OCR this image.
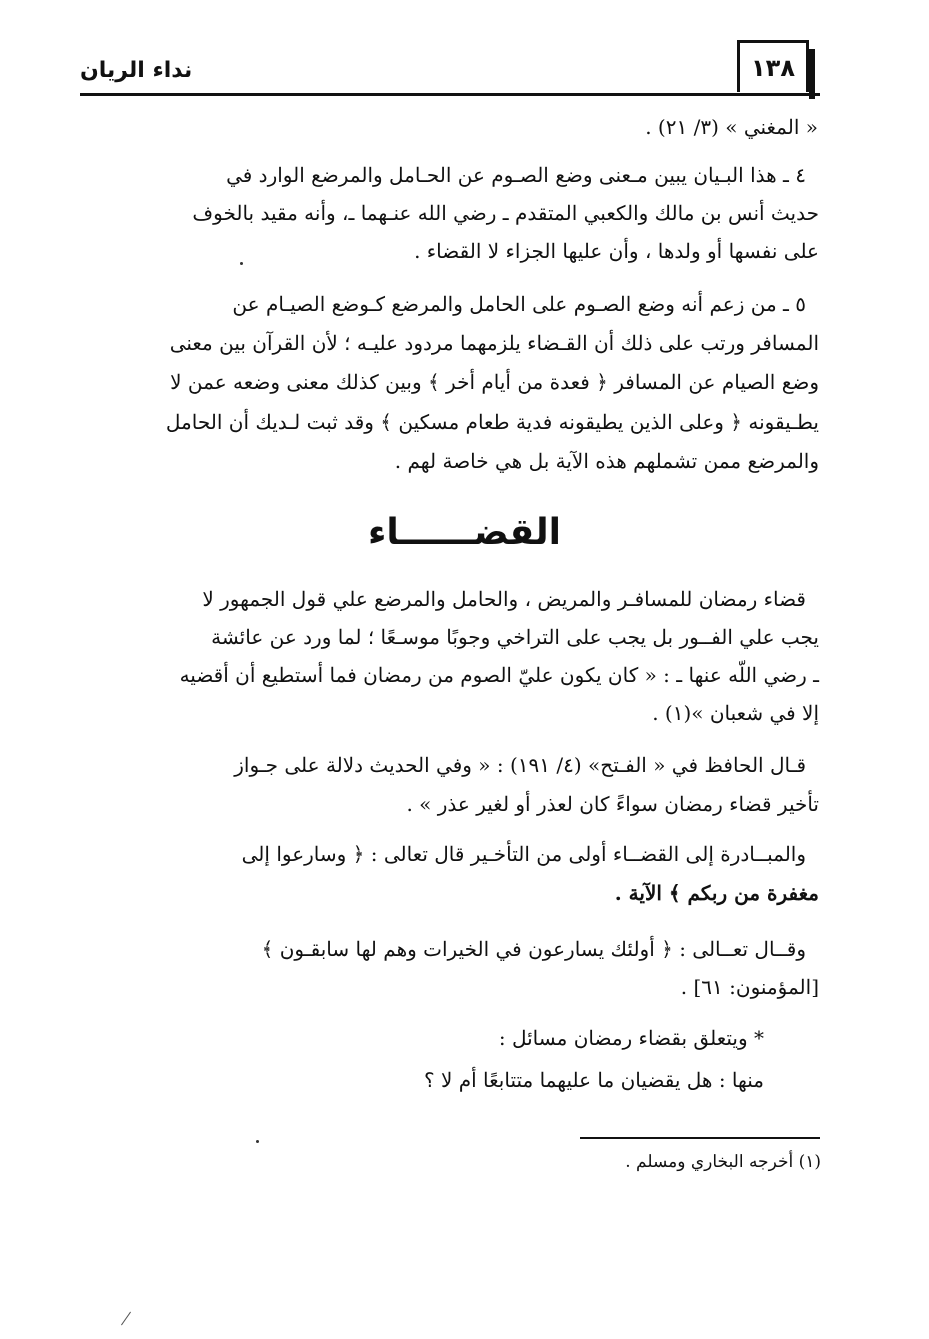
١٣٨
نداء الريان
« المغني » (٣/ ٢١) .
٤ ـ هذا البـيان يبين مـعنى وضع الصـوم عن الحـامل والمرضع الوارد في
حديث أنس بن مالك والكعبي المتقدم ـ رضي الله عنـهما ـ، وأنه مقيد بالخوف
على نفسها أو ولدها ، وأن عليها الجزاء لا القضاء .
٥ ـ من زعم أنه وضع الصـوم على الحامل والمرضع كـوضع الصيـام عن
المسافر ورتب على ذلك أن القـضاء يلزمهما مردود عليـه ؛ لأن القرآن بين معنى
وضع الصيام عن المسافر ﴿ فعدة من أيام أخر ﴾ وبين كذلك معنى وضعه عمن لا
يطـيقونه ﴿ وعلى الذين يطيقونه فدية طعام مسكين ﴾ وقد ثبت لـديك أن الحامل
والمرضع ممن تشملهم هذه الآية بل هي خاصة لهم .
القضــــــاء
قضاء رمضان للمسافـر والمريض ، والحامل والمرضع علي قول الجمهور لا
يجب علي الفــور بل يجب على التراخي وجوبًا موسـعًا ؛ لما ورد عن عائشة
ـ رضي اللّه عنها ـ : « كان يكون عليّ الصوم من رمضان فما أستطيع أن أقضيه
إلا في شعبان »(١) .
قـال الحافظ في « الفـتح» (٤/ ١٩١) : « وفي الحديث دلالة على جـواز
تأخير قضاء رمضان سواءً كان لعذر أو لغير عذر » .
والمبــادرة إلى القضــاء أولى من التأخـير قال تعالى : ﴿ وسارعوا إلى
مغفرة من ربكم ﴾ الآية .
وقــال تعــالى : ﴿ أولئك يسارعون في الخيرات وهم لها سابقـون ﴾
[المؤمنون: ٦١] .
* ويتعلق بقضاء رمضان مسائل :
منها : هل يقضيان ما عليهما متتابعًا أم لا ؟
(١) أخرجه البخاري ومسلم .
